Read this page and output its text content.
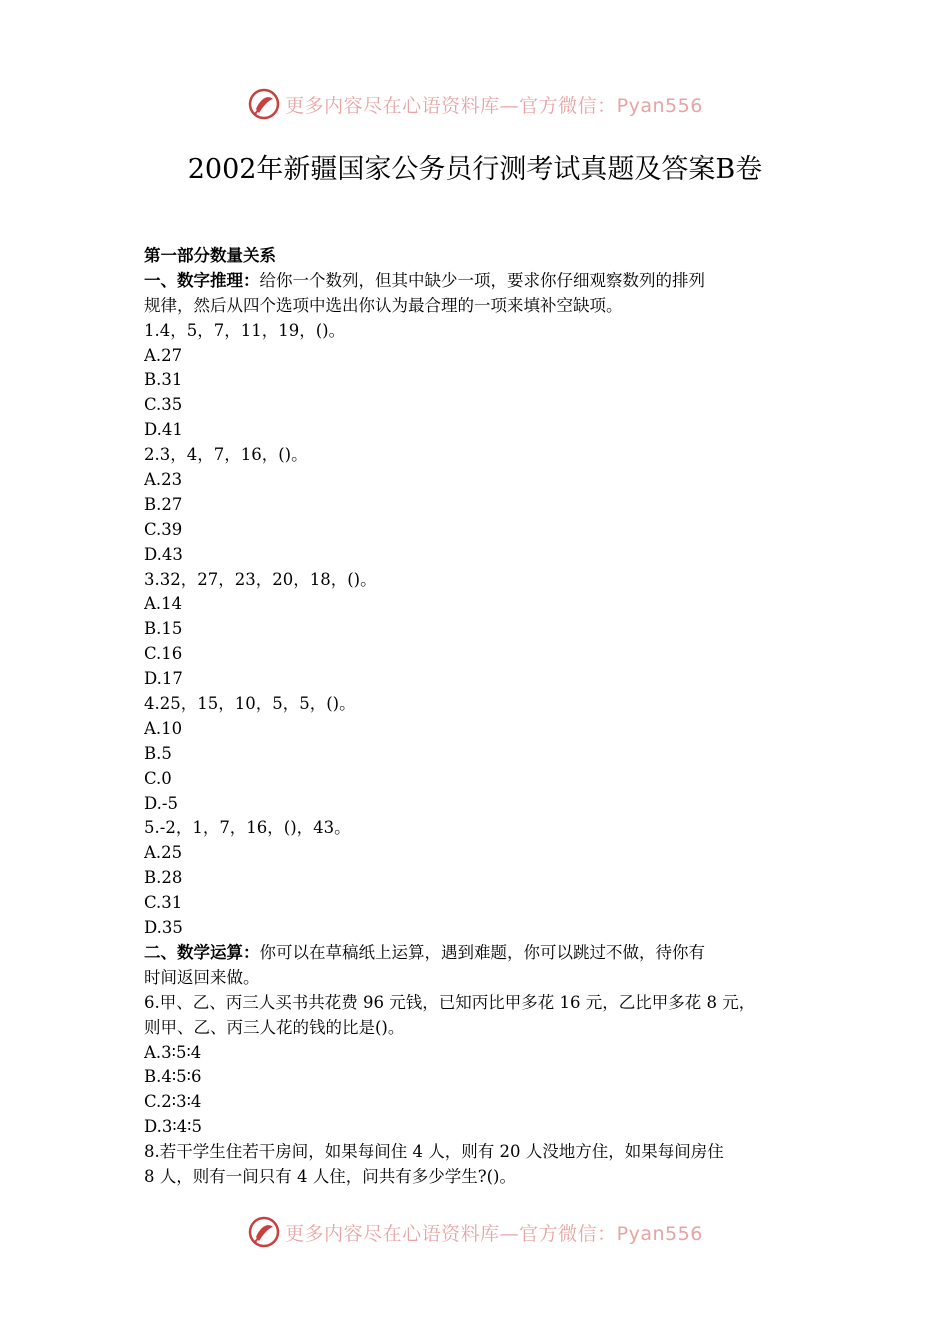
更多内容尽在心语资料库—官方微信：Pyan556
2002年新疆国家公务员行测考试真题及答案B卷
第一部分数量关系
一、数字推理：给你一个数列，但其中缺少一项，要求你仔细观察数列的排列
规律，然后从四个选项中选出你认为最合理的一项来填补空缺项。
1.4，5，7，11，19，()。
A.27
B.31
C.35
D.41
2.3，4，7，16，()。
A.23
B.27
C.39
D.43
3.32，27，23，20，18，()。
A.14
B.15
C.16
D.17
4.25，15，10，5，5，()。
A.10
B.5
C.0
D.-5
5.-2，1，7，16，()，43。
A.25
B.28
C.31
D.35
二、数学运算：你可以在草稿纸上运算，遇到难题，你可以跳过不做，待你有
时间返回来做。
6.甲、乙、丙三人买书共花费 96 元钱，已知丙比甲多花 16 元，乙比甲多花 8 元，
则甲、乙、丙三人花的钱的比是()。
A.3∶5∶4
B.4∶5∶6
C.2∶3∶4
D.3∶4∶5
8.若干学生住若干房间，如果每间住 4 人，则有 20 人没地方住，如果每间房住
8 人，则有一间只有 4 人住，问共有多少学生?()。
更多内容尽在心语资料库—官方微信：Pyan556
